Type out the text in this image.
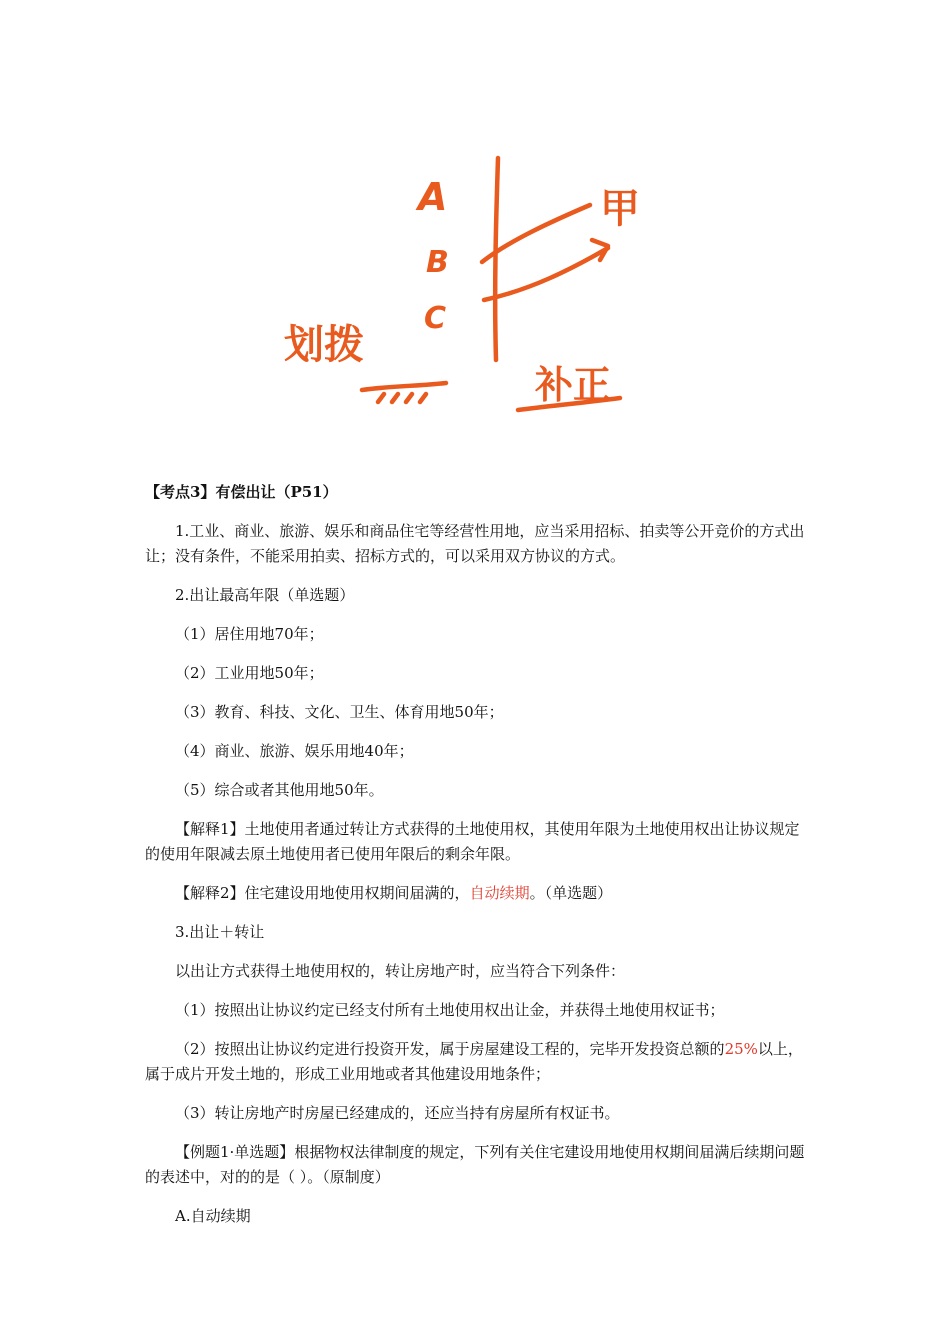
A
B
C
甲
划拨
补正
【考点3】有偿出让（P51）
1.工业、商业、旅游、娱乐和商品住宅等经营性用地，应当采用招标、拍卖等公开竞价的方式出让；没有条件，不能采用拍卖、招标方式的，可以采用双方协议的方式。
2.出让最高年限（单选题）
（1）居住用地70年；
（2）工业用地50年；
（3）教育、科技、文化、卫生、体育用地50年；
（4）商业、旅游、娱乐用地40年；
（5）综合或者其他用地50年。
【解释1】土地使用者通过转让方式获得的土地使用权，其使用年限为土地使用权出让协议规定的使用年限减去原土地使用者已使用年限后的剩余年限。
【解释2】住宅建设用地使用权期间届满的，自动续期。（单选题）
3.出让＋转让
以出让方式获得土地使用权的，转让房地产时，应当符合下列条件：
（1）按照出让协议约定已经支付所有土地使用权出让金，并获得土地使用权证书；
（2）按照出让协议约定进行投资开发，属于房屋建设工程的，完毕开发投资总额的25%以上，属于成片开发土地的，形成工业用地或者其他建设用地条件；
（3）转让房地产时房屋已经建成的，还应当持有房屋所有权证书。
【例题1·单选题】根据物权法律制度的规定，下列有关住宅建设用地使用权期间届满后续期问题的表述中，对的的是（ ）。（原制度）
A.自动续期
